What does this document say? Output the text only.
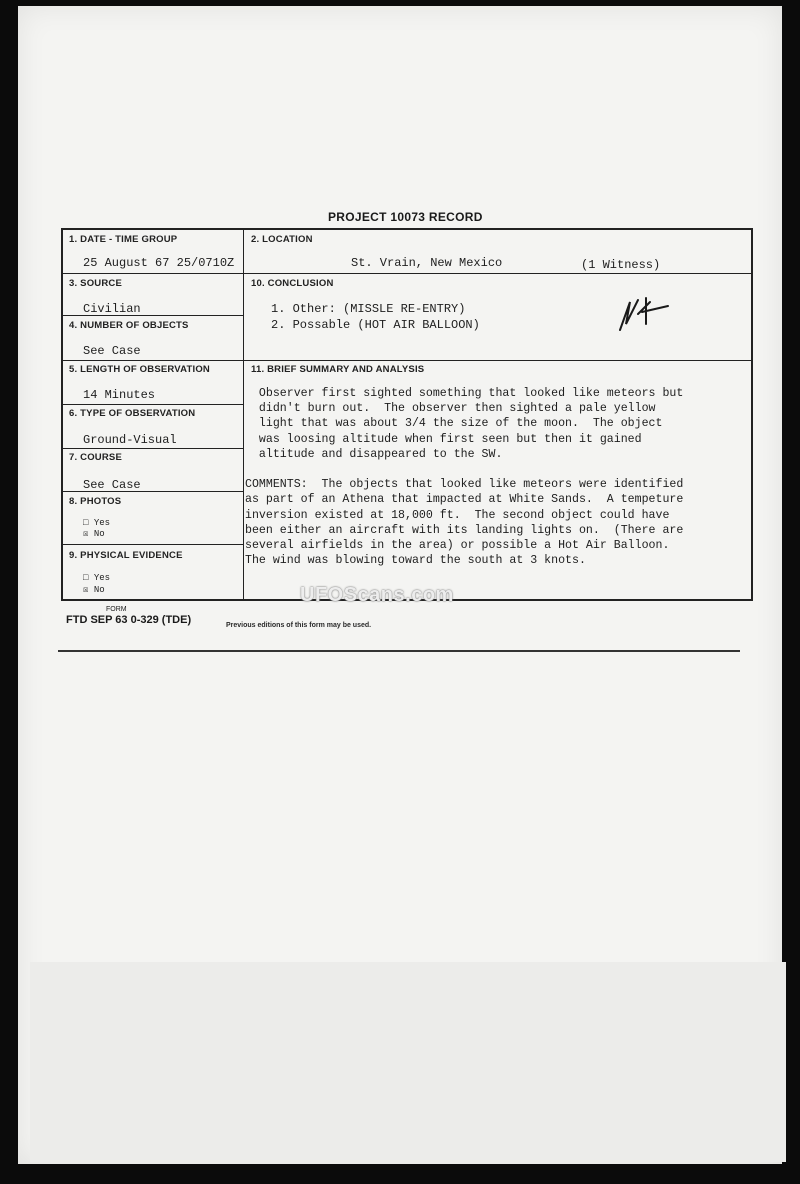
PROJECT 10073 RECORD
1. DATE - TIME GROUP
25 August 67 25/0710Z
2. LOCATION
St. Vrain, New Mexico	(1 Witness)
3. SOURCE
Civilian
4. NUMBER OF OBJECTS
See Case
5. LENGTH OF OBSERVATION
14 Minutes
6. TYPE OF OBSERVATION
Ground-Visual
7. COURSE
See Case
8. PHOTOS
□ Yes
☒ No
9. PHYSICAL EVIDENCE
□ Yes
☒ No
10. CONCLUSION
1. Other: (MISSLE RE-ENTRY)
2. Possable (HOT AIR BALLOON)
11. BRIEF SUMMARY AND ANALYSIS
Observer first sighted something that looked like meteors but
didn't burn out.  The observer then sighted a pale yellow
light that was about 3/4 the size of the moon.  The object
was loosing altitude when first seen but then it gained
altitude and disappeared to the SW.

COMMENTS:  The objects that looked like meteors were identified
as part of an Athena that impacted at White Sands.  A tempeture
inversion existed at 18,000 ft.  The second object could have
been either an aircraft with its landing lights on.  (There are
several airfields in the area) or possible a Hot Air Balloon.
The wind was blowing toward the south at 3 knots.
UFOScans.com
FORM
FTD SEP 63 0-329 (TDE)	Previous editions of this form may be used.
